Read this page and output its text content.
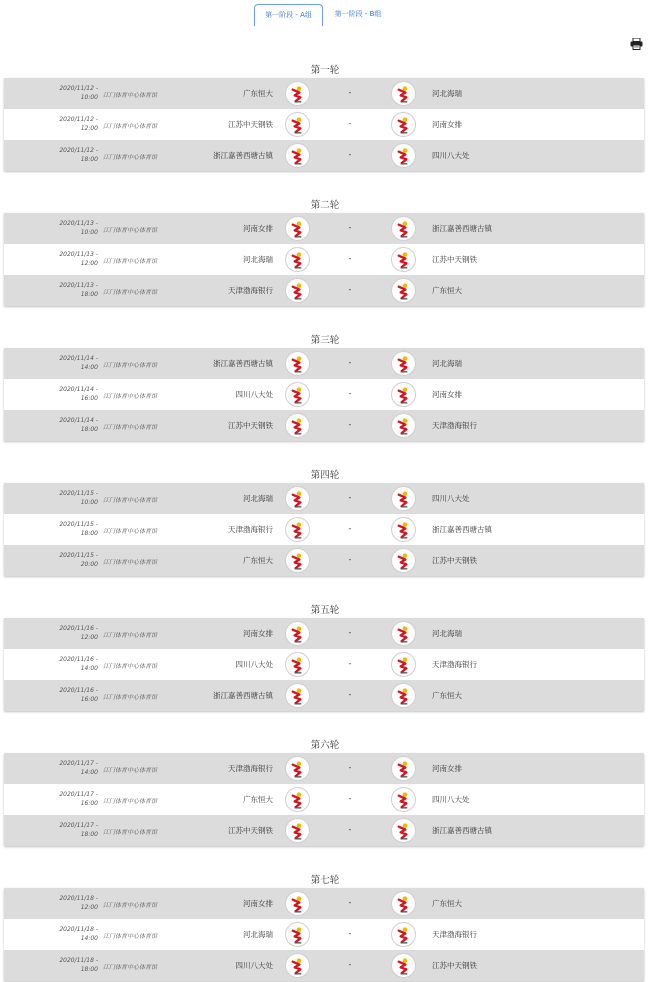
第一阶段 - A组	第一阶段 - B组
第一轮
2020/11/12 -
10:00 江门体育中心体育馆	广东恒大	-	河北海瑞
2020/11/12 -
12:00 江门体育中心体育馆	江苏中天钢铁	-	河南女排
2020/11/12 -
18:00 江门体育中心体育馆	浙江嘉善西塘古镇	-	四川八大处
第二轮
2020/11/13 -
10:00 江门体育中心体育馆	河南女排	-	浙江嘉善西塘古镇
2020/11/13 -
12:00 江门体育中心体育馆	河北海瑞	-	江苏中天钢铁
2020/11/13 -
18:00 江门体育中心体育馆	天津渤海银行	-	广东恒大
第三轮
2020/11/14 -
14:00 江门体育中心体育馆	浙江嘉善西塘古镇	-	河北海瑞
2020/11/14 -
16:00 江门体育中心体育馆	四川八大处	-	河南女排
2020/11/14 -
18:00 江门体育中心体育馆	江苏中天钢铁	-	天津渤海银行
第四轮
2020/11/15 -
10:00 江门体育中心体育馆	河北海瑞	-	四川八大处
2020/11/15 -
18:00 江门体育中心体育馆	天津渤海银行	-	浙江嘉善西塘古镇
2020/11/15 -
20:00 江门体育中心体育馆	广东恒大	-	江苏中天钢铁
第五轮
2020/11/16 -
12:00 江门体育中心体育馆	河南女排	-	河北海瑞
2020/11/16 -
14:00 江门体育中心体育馆	四川八大处	-	天津渤海银行
2020/11/16 -
16:00 江门体育中心体育馆	浙江嘉善西塘古镇	-	广东恒大
第六轮
2020/11/17 -
14:00 江门体育中心体育馆	天津渤海银行	-	河南女排
2020/11/17 -
16:00 江门体育中心体育馆	广东恒大	-	四川八大处
2020/11/17 -
18:00 江门体育中心体育馆	江苏中天钢铁	-	浙江嘉善西塘古镇
第七轮
2020/11/18 -
12:00 江门体育中心体育馆	河南女排	-	广东恒大
2020/11/18 -
14:00 江门体育中心体育馆	河北海瑞	-	天津渤海银行
2020/11/18 -
18:00 江门体育中心体育馆	四川八大处	-	江苏中天钢铁
